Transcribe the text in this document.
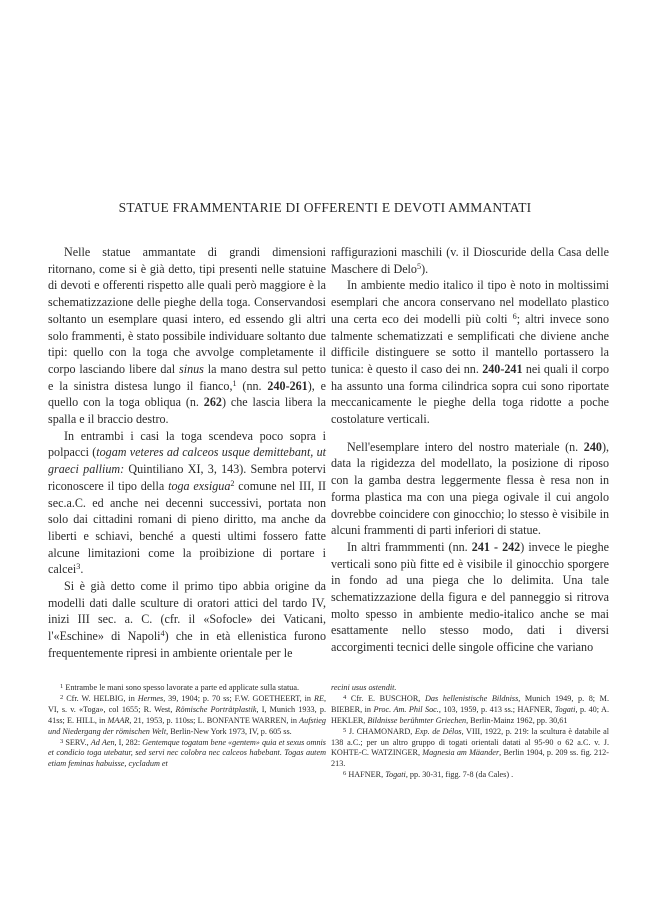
STATUE FRAMMENTARIE DI OFFERENTI E DEVOTI AMMANTATI

Nelle statue ammantate di grandi dimensioni ritornano, come si è già detto, tipi presenti nelle statuine di devoti e offerenti rispetto alle quali però maggiore è la schematizzazione delle pieghe della toga. Conservandosi soltanto un esemplare quasi intero, ed essendo gli altri solo frammenti, è stato possibile individuare soltanto due tipi: quello con la toga che avvolge completamente il corpo lasciando libere dal sinus la mano destra sul petto e la sinistra distesa lungo il fianco,$^1$ (nn. 240-261), e quello con la toga obliqua (n. 262) che lascia libera la spalla e il braccio destro.

In entrambi i casi la toga scendeva poco sopra i polpacci (togam veteres ad calceos usque demittebant, ut graeci pallium: Quintiliano XI, 3, 143). Sembra potervi riconoscere il tipo della toga exsigua$^2$ comune nel III, II sec.a.C. ed anche nei decenni successivi, portata non solo dai cittadini romani di pieno diritto, ma anche da liberti e schiavi, benché a questi ultimi fossero fatte alcune limitazioni come la proibizione di portare i calcei$^3$.

Si è già detto come il primo tipo abbia origine da modelli dati dalle sculture di oratori attici del tardo IV, inizi III sec. a. C. (cfr. il «Sofocle» dei Vaticani, l'«Eschine» di Napoli$^4$) che in età ellenistica furono frequentemente ripresi in ambiente orientale per le

raffigurazioni maschili (v. il Dioscuride della Casa delle Maschere di Delo$^5$).

In ambiente medio italico il tipo è noto in moltissimi esemplari che ancora conservano nel modellato plastico una certa eco dei modelli più colti $^6$; altri invece sono talmente schematizzati e semplificati che diviene anche difficile distinguere se sotto il mantello portassero la tunica: è questo il caso dei nn. 240-241 nei quali il corpo ha assunto una forma cilindrica sopra cui sono riportate meccanicamente le pieghe della toga ridotte a poche costolature verticali.

Nell'esemplare intero del nostro materiale (n. 240), data la rigidezza del modellato, la posizione di riposo con la gamba destra leggermente flessa è resa non in forma plastica ma con una piega ogivale il cui angolo dovrebbe coincidere con ginocchio; lo stesso è visibile in alcuni frammenti di parti inferiori di statue.

In altri frammmenti (nn. 241 - 242) invece le pieghe verticali sono più fitte ed è visibile il ginocchio sporgere in fondo ad una piega che lo delimita. Una tale schematizzazione della figura e del panneggio si ritrova molto spesso in ambiente medio-italico anche se mai esattamente nello stesso modo, dati i diversi accorgimenti tecnici delle singole officine che variano

$^1$ Entrambe le mani sono spesso lavorate a parte ed applicate sulla statua.

$^2$ Cfr. W. HELBIG, in Hermes, 39, 1904; p. 70 ss; F.W. GOETHEERT, in RE, VI, s. v. «Toga», col 1655; R. West, Römische Porträtplastik, I, Munich 1933, p. 41ss; E. HILL, in MAAR, 21, 1953, p. 110ss; L. BONFANTE WARREN, in Aufstieg und Niedergang der römischen Welt, Berlin-New York 1973, IV, p. 605 ss.

$^3$ SERV., Ad Aen, I, 282: Gentemque togatam bene «gentem» quia et sexus omnis et condicio toga utebatur, sed servi nec colobra nec calceos habebant. Togas autem etiam feminas habuisse, cycladum et

recini usus ostendit.

$^4$ Cfr. E. BUSCHOR, Das hellenistische Bildniss, Munich 1949, p. 8; M. BIEBER, in Proc. Am. Phil Soc., 103, 1959, p. 413 ss.; HAFNER, Togati, p. 40; A. HEKLER, Bildnisse berühmter Griechen, Berlin-Mainz 1962, pp. 30,61

$^5$ J. CHAMONARD, Exp. de Délos, VIII, 1922, p. 219: la scultura è databile al 138 a.C.; per un altro gruppo di togati orientali datati al 95-90 o 62 a.C. v. J. KOHTE-C. WATZINGER, Magnesia am Mäander, Berlin 1904, p. 209 ss. fig. 212-213.

$^6$ HAFNER, Togati, pp. 30-31, figg. 7-8 (da Cales) .
